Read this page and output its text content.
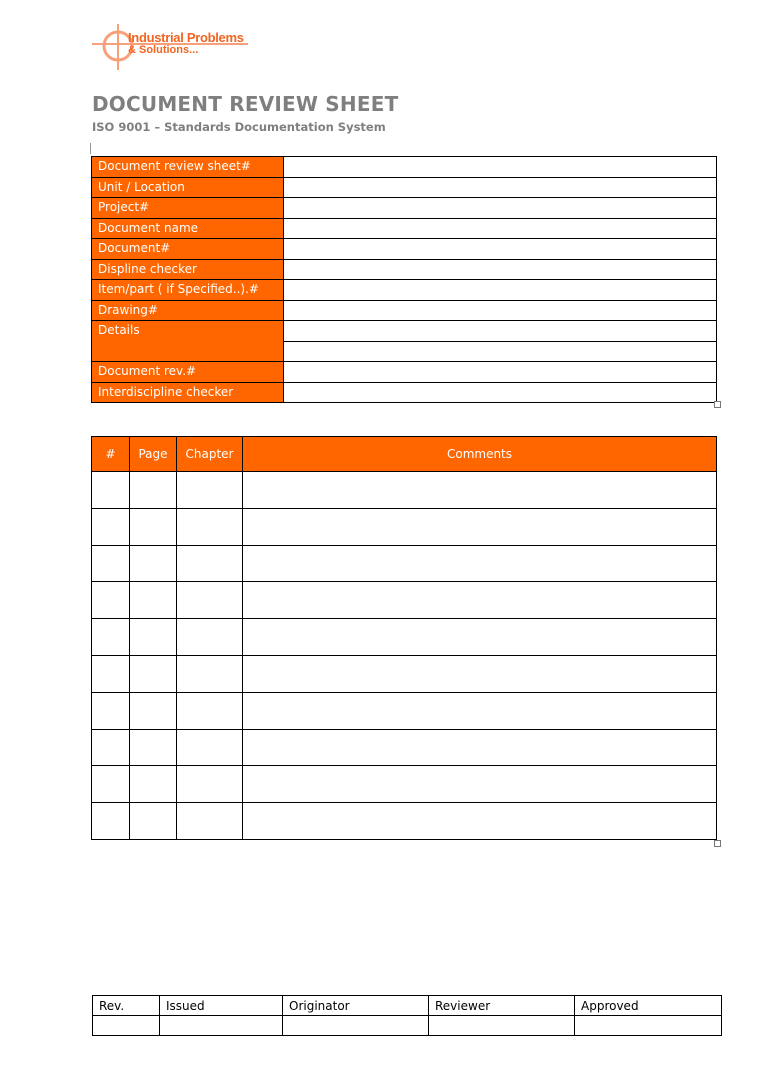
Industrial Problems
& Solutions...
DOCUMENT REVIEW SHEET
ISO 9001 – Standards Documentation System
Document review sheet#	
Unit / Location	
Project#	
Document name	
Document#	
Displine checker	
Item/part ( if Specified..).#	
Drawing#	
Details	

Document rev.#	
Interdiscipline checker	
#	Page	Chapter	Comments

Rev.	Issued	Originator	Reviewer	Approved
